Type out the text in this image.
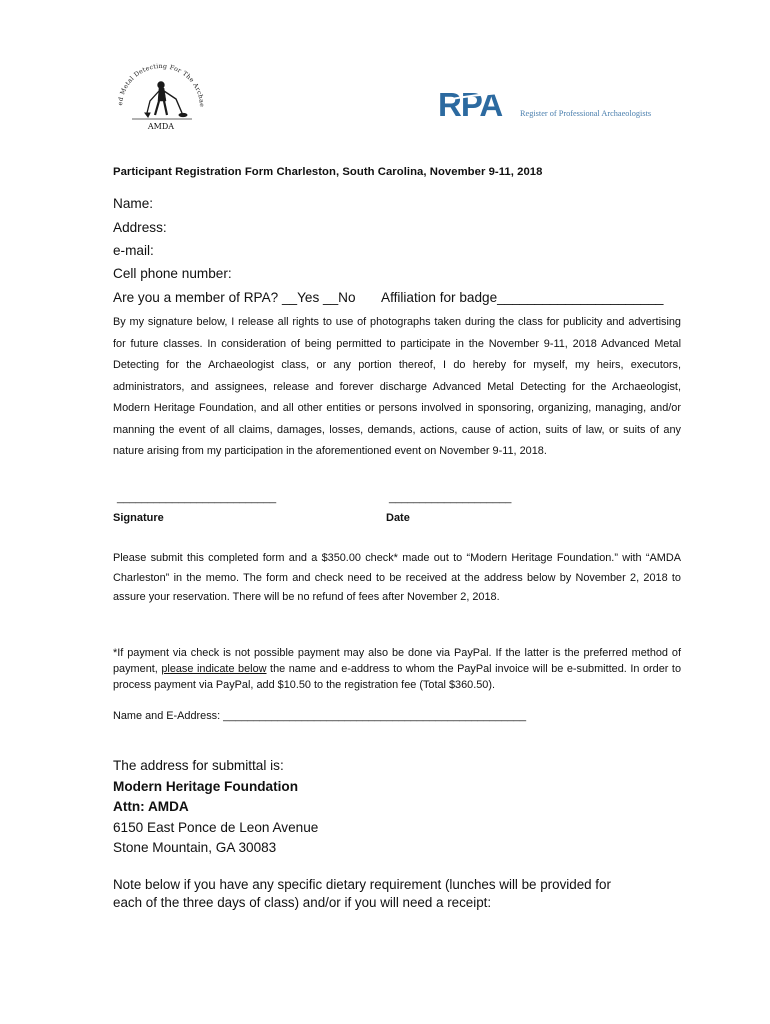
ed Metal Detecting For The Archae
AMDA
RPA Register of Professional Archaeologists
Participant Registration Form Charleston, South Carolina, November 9-11, 2018
Name:
Address:
e-mail:
Cell phone number:
Are you a member of RPA? __Yes __No Affiliation for badge______________________
By my signature below, I release all rights to use of photographs taken during the class for publicity and advertising for future classes. In consideration of being permitted to participate in the November 9-11, 2018 Advanced Metal Detecting for the Archaeologist class, or any portion thereof, I do hereby for myself, my heirs, executors, administrators, and assignees, release and forever discharge Advanced Metal Detecting for the Archaeologist, Modern Heritage Foundation, and all other entities or persons involved in sponsoring, organizing, managing, and/or manning the event of all claims, damages, losses, demands, actions, cause of action, suits of law, or suits of any nature arising from my participation in the aforementioned event on November 9-11, 2018.
__________________________	____________________
Signature	Date
Please submit this completed form and a $350.00 check* made out to “Modern Heritage Foundation.” with “AMDA Charleston” in the memo. The form and check need to be received at the address below by November 2, 2018 to assure your reservation. There will be no refund of fees after November 2, 2018.
*If payment via check is not possible payment may also be done via PayPal. If the latter is the preferred method of payment, please indicate below the name and e-address to whom the PayPal invoice will be e-submitted. In order to process payment via PayPal, add $10.50 to the registration fee (Total $360.50).
Name and E-Address: __________________________________________________
The address for submittal is:
Modern Heritage Foundation
Attn: AMDA
6150 East Ponce de Leon Avenue
Stone Mountain, GA 30083
Note below if you have any specific dietary requirement (lunches will be provided for each of the three days of class) and/or if you will need a receipt:
